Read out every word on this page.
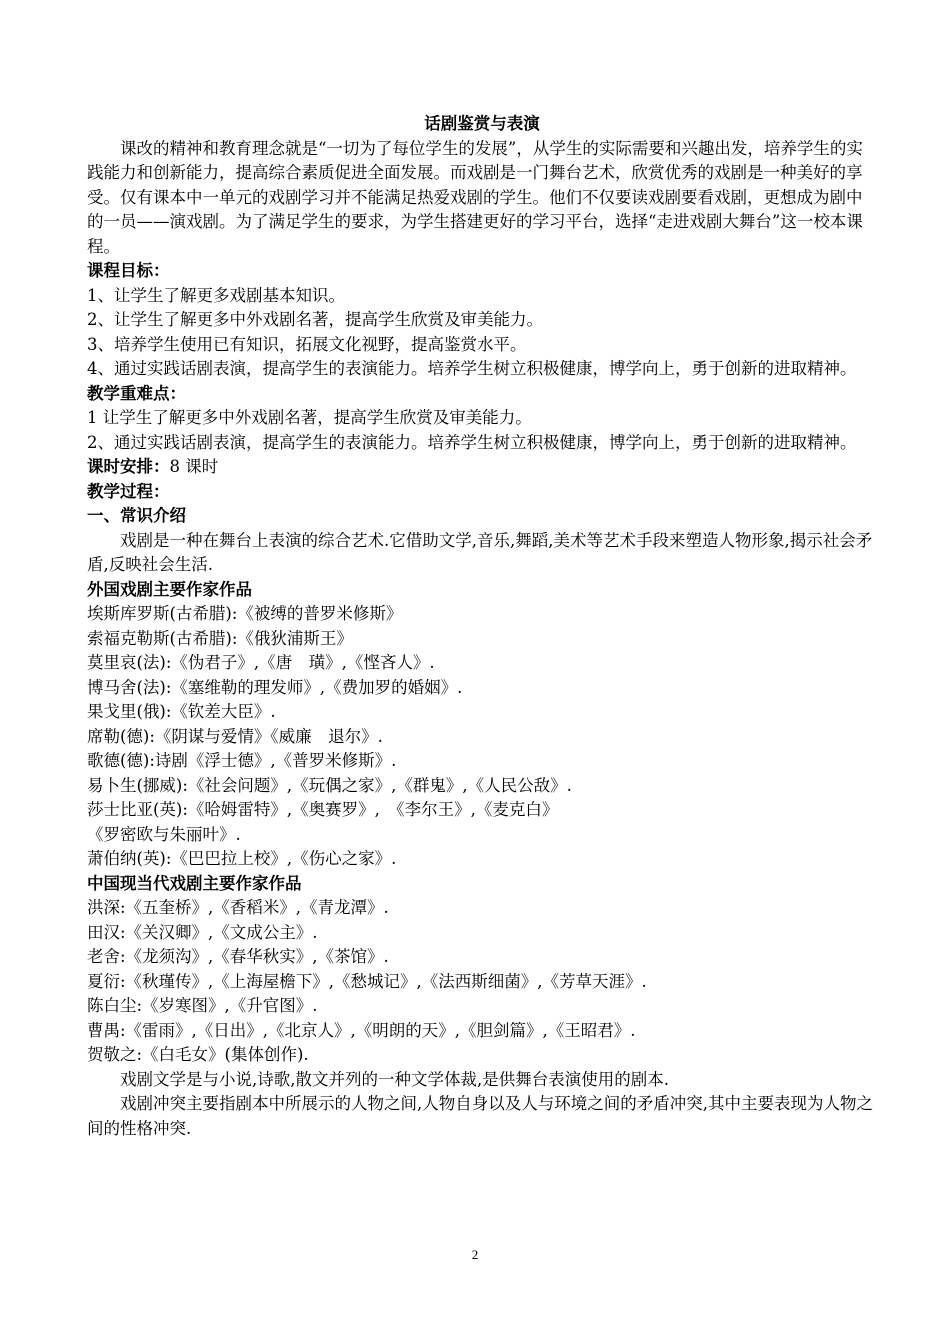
话剧鉴赏与表演

课改的精神和教育理念就是“一切为了每位学生的发展”，从学生的实际需要和兴趣出发，培养学生的实践能力和创新能力，提高综合素质促进全面发展。而戏剧是一门舞台艺术，欣赏优秀的戏剧是一种美好的享受。仅有课本中一单元的戏剧学习并不能满足热爱戏剧的学生。他们不仅要读戏剧要看戏剧，更想成为剧中的一员——演戏剧。为了满足学生的要求，为学生搭建更好的学习平台，选择“走进戏剧大舞台”这一校本课程。

课程目标：

1、让学生了解更多戏剧基本知识。

2、让学生了解更多中外戏剧名著，提高学生欣赏及审美能力。

3、培养学生使用已有知识，拓展文化视野，提高鉴赏水平。

4、通过实践话剧表演，提高学生的表演能力。培养学生树立积极健康，博学向上，勇于创新的进取精神。

教学重难点：

1 让学生了解更多中外戏剧名著，提高学生欣赏及审美能力。

2、通过实践话剧表演，提高学生的表演能力。培养学生树立积极健康，博学向上，勇于创新的进取精神。

课时安排：8 课时

教学过程：

一、常识介绍

戏剧是一种在舞台上表演的综合艺术.它借助文学,音乐,舞蹈,美术等艺术手段来塑造人物形象,揭示社会矛盾,反映社会生活.

外国戏剧主要作家作品

埃斯库罗斯(古希腊):《被缚的普罗米修斯》

索福克勒斯(古希腊):《俄狄浦斯王》

莫里哀(法):《伪君子》,《唐　璜》,《悭吝人》.

博马舍(法):《塞维勒的理发师》,《费加罗的婚姻》.

果戈里(俄):《钦差大臣》.

席勒(德):《阴谋与爱情》《威廉　退尔》.

歌德(德):诗剧《浮士德》,《普罗米修斯》.

易卜生(挪威):《社会问题》,《玩偶之家》,《群鬼》,《人民公敌》.

莎士比亚(英):《哈姆雷特》,《奥赛罗》,　《李尔王》,《麦克白》

《罗密欧与朱丽叶》.

萧伯纳(英):《巴巴拉上校》,《伤心之家》.

中国现当代戏剧主要作家作品

洪深:《五奎桥》,《香稻米》,《青龙潭》.

田汉:《关汉卿》,《文成公主》.

老舍:《龙须沟》,《春华秋实》,《茶馆》.

夏衍:《秋瑾传》,《上海屋檐下》,《愁城记》,《法西斯细菌》,《芳草天涯》.

陈白尘:《岁寒图》,《升官图》.

曹禺:《雷雨》,《日出》,《北京人》,《明朗的天》,《胆剑篇》,《王昭君》.

贺敬之:《白毛女》(集体创作).

戏剧文学是与小说,诗歌,散文并列的一种文学体裁,是供舞台表演使用的剧本.

戏剧冲突主要指剧本中所展示的人物之间,人物自身以及人与环境之间的矛盾冲突,其中主要表现为人物之间的性格冲突.

2
